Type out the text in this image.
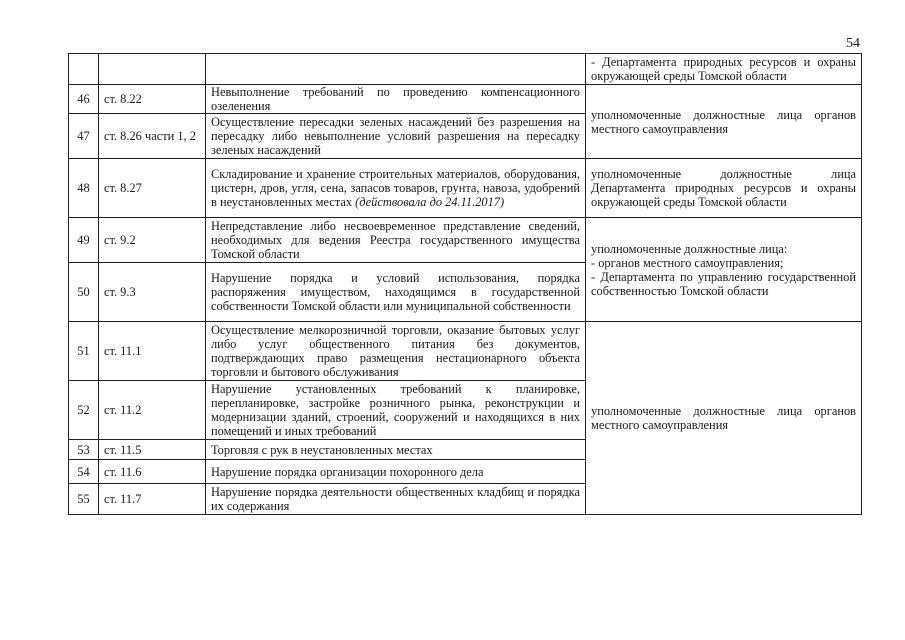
54
			- Департамента природных ресурсов и охраны окружающей среды Томской области
46	ст. 8.22	Невыполнение требований по проведению компенсационного озеленения	уполномоченные должностные лица органов местного самоуправления
47	ст. 8.26 части 1, 2	Осуществление пересадки зеленых насаждений без разрешения на пересадку либо невыполнение условий разрешения на пересадку зеленых насаждений	
48	ст. 8.27	Складирование и хранение строительных материалов, оборудования, цистерн, дров, угля, сена, запасов товаров, грунта, навоза, удобрений в неустановленных местах (действовала до 24.11.2017)	уполномоченные должностные лица Департамента природных ресурсов и охраны окружающей среды Томской области
49	ст. 9.2	Непредставление либо несвоевременное представление сведений, необходимых для ведения Реестра государственного имущества Томской области	уполномоченные должностные лица:
- органов местного самоуправления;
- Департамента по управлению государственной собственностью Томской области

50	ст. 9.3	Нарушение порядка и условий использования, порядка распоряжения имуществом, находящимся в государственной собственности Томской области или муниципальной собственности	
51	ст. 11.1	Осуществление мелкорозничной торговли, оказание бытовых услуг либо услуг общественного питания без документов, подтверждающих право размещения нестационарного объекта торговли и бытового обслуживания	уполномоченные должностные лица органов местного самоуправления
52	ст. 11.2	Нарушение установленных требований к планировке, перепланировке, застройке розничного рынка, реконструкции и модернизации зданий, строений, сооружений и находящихся в них помещений и иных требований	
53	ст. 11.5	Торговля с рук в неустановленных местах	
54	ст. 11.6	Нарушение порядка организации похоронного дела	
55	ст. 11.7	Нарушение порядка деятельности общественных кладбищ и порядка их содержания	
